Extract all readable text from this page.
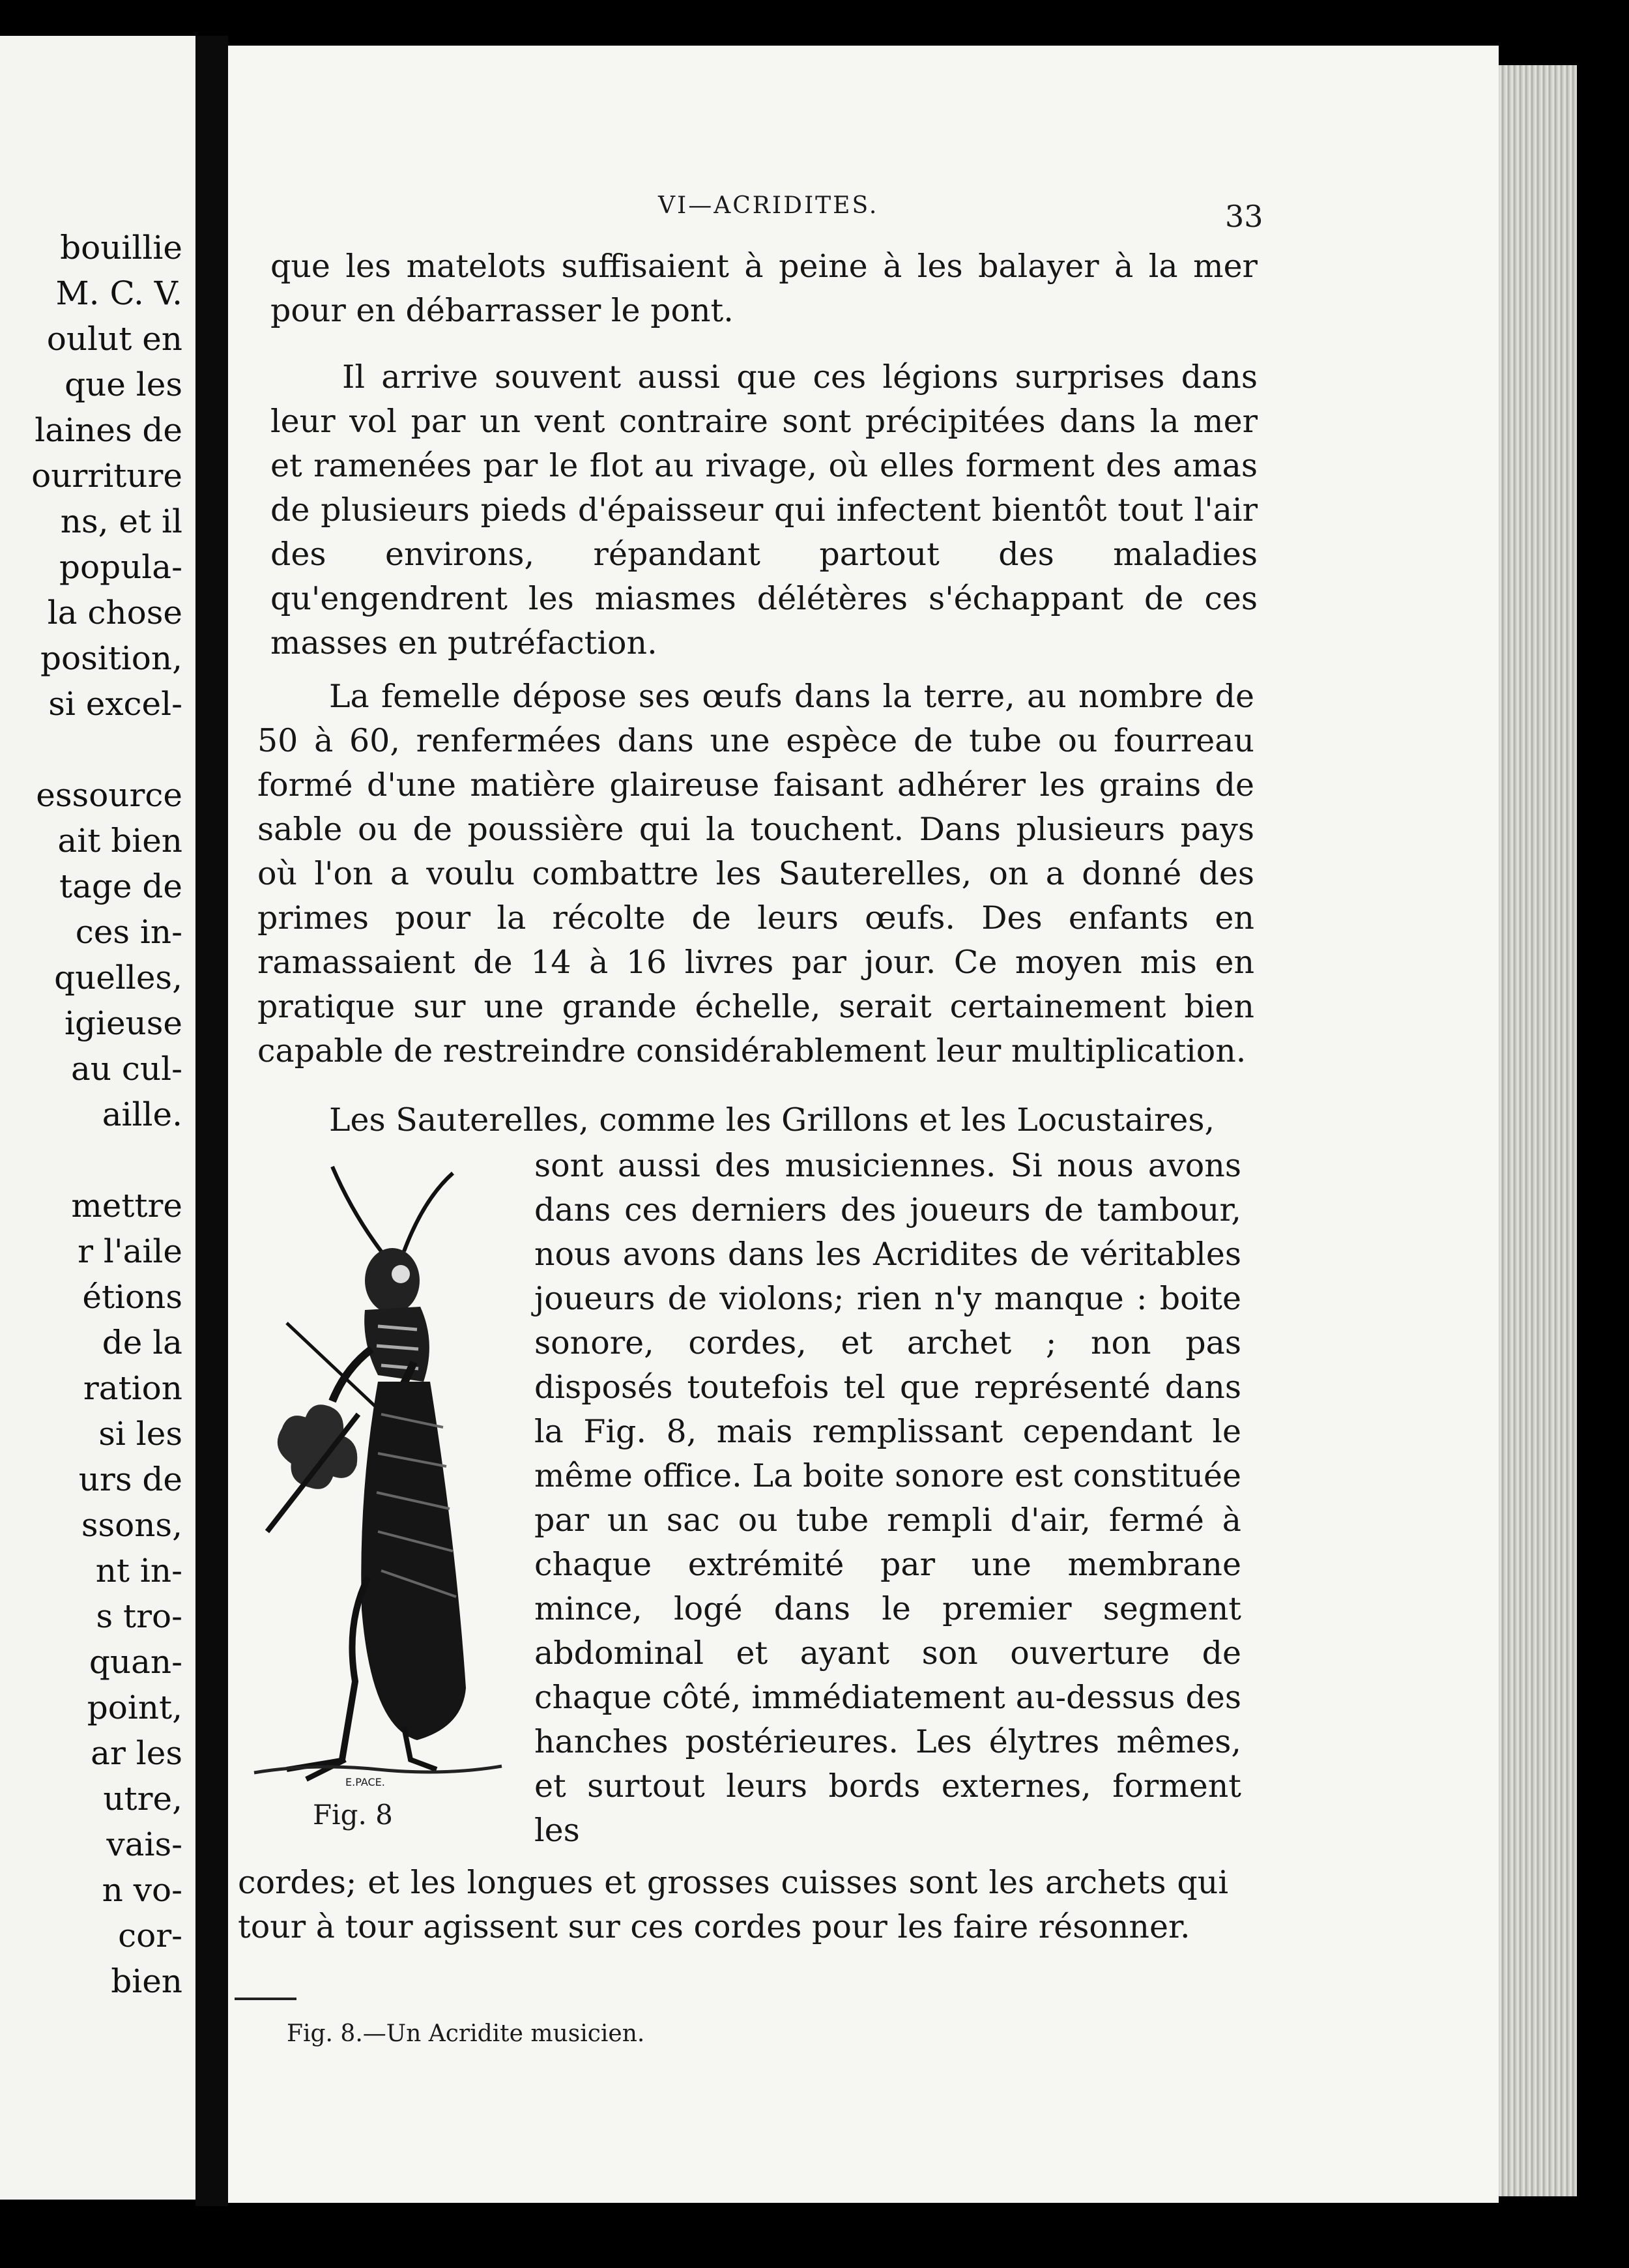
bouillie
M. C. V.
oulut en
que les
laines de
ourriture
ns, et il
popula-
la chose
position,
si excel-
essource
ait bien
tage de
ces in-
quelles,
igieuse
au cul-
aille.
mettre
r l'aile
étions
de la
ration
si les
urs de
ssons,
nt in-
s tro-
quan-
point,
ar les
utre,
vais-
n vo-
cor-
bien
VI—ACRIDITES.	33

que les matelots suffisaient à peine à les balayer à la mer pour en débarrasser le pont.

Il arrive souvent aussi que ces légions surprises dans leur vol par un vent contraire sont précipitées dans la mer et ramenées par le flot au rivage, où elles forment des amas de plusieurs pieds d'épaisseur qui infectent bientôt tout l'air des environs, répandant partout des maladies qu'engendrent les miasmes délétères s'échappant de ces masses en putréfaction.

La femelle dépose ses œufs dans la terre, au nombre de 50 à 60, renfermées dans une espèce de tube ou fourreau formé d'une matière glaireuse faisant adhérer les grains de sable ou de poussière qui la touchent. Dans plusieurs pays où l'on a voulu combattre les Sauterelles, on a donné des primes pour la récolte de leurs œufs. Des enfants en ramassaient de 14 à 16 livres par jour. Ce moyen mis en pratique sur une grande échelle, serait certainement bien capable de restreindre considérablement leur multiplication.

Les Sauterelles, comme les Grillons et les Locustaires,

sont aussi des musiciennes. Si nous avons dans ces derniers des joueurs de tambour, nous avons dans les Acridites de véritables joueurs de violons; rien n'y manque : boite sonore, cordes, et archet ; non pas disposés toutefois tel que représenté dans la Fig. 8, mais remplissant cependant le même office. La boite sonore est constituée par un sac ou tube rempli d'air, fermé à chaque extrémité par une membrane mince, logé dans le premier segment abdominal et ayant son ouverture de chaque côté, immédiatement au-dessus des hanches postérieures. Les élytres mêmes, et surtout leurs bords externes, forment les

cordes; et les longues et grosses cuisses sont les archets qui tour à tour agissent sur ces cordes pour les faire résonner.

E.PACE.
Fig. 8
Fig. 8.—Un Acridite musicien.
